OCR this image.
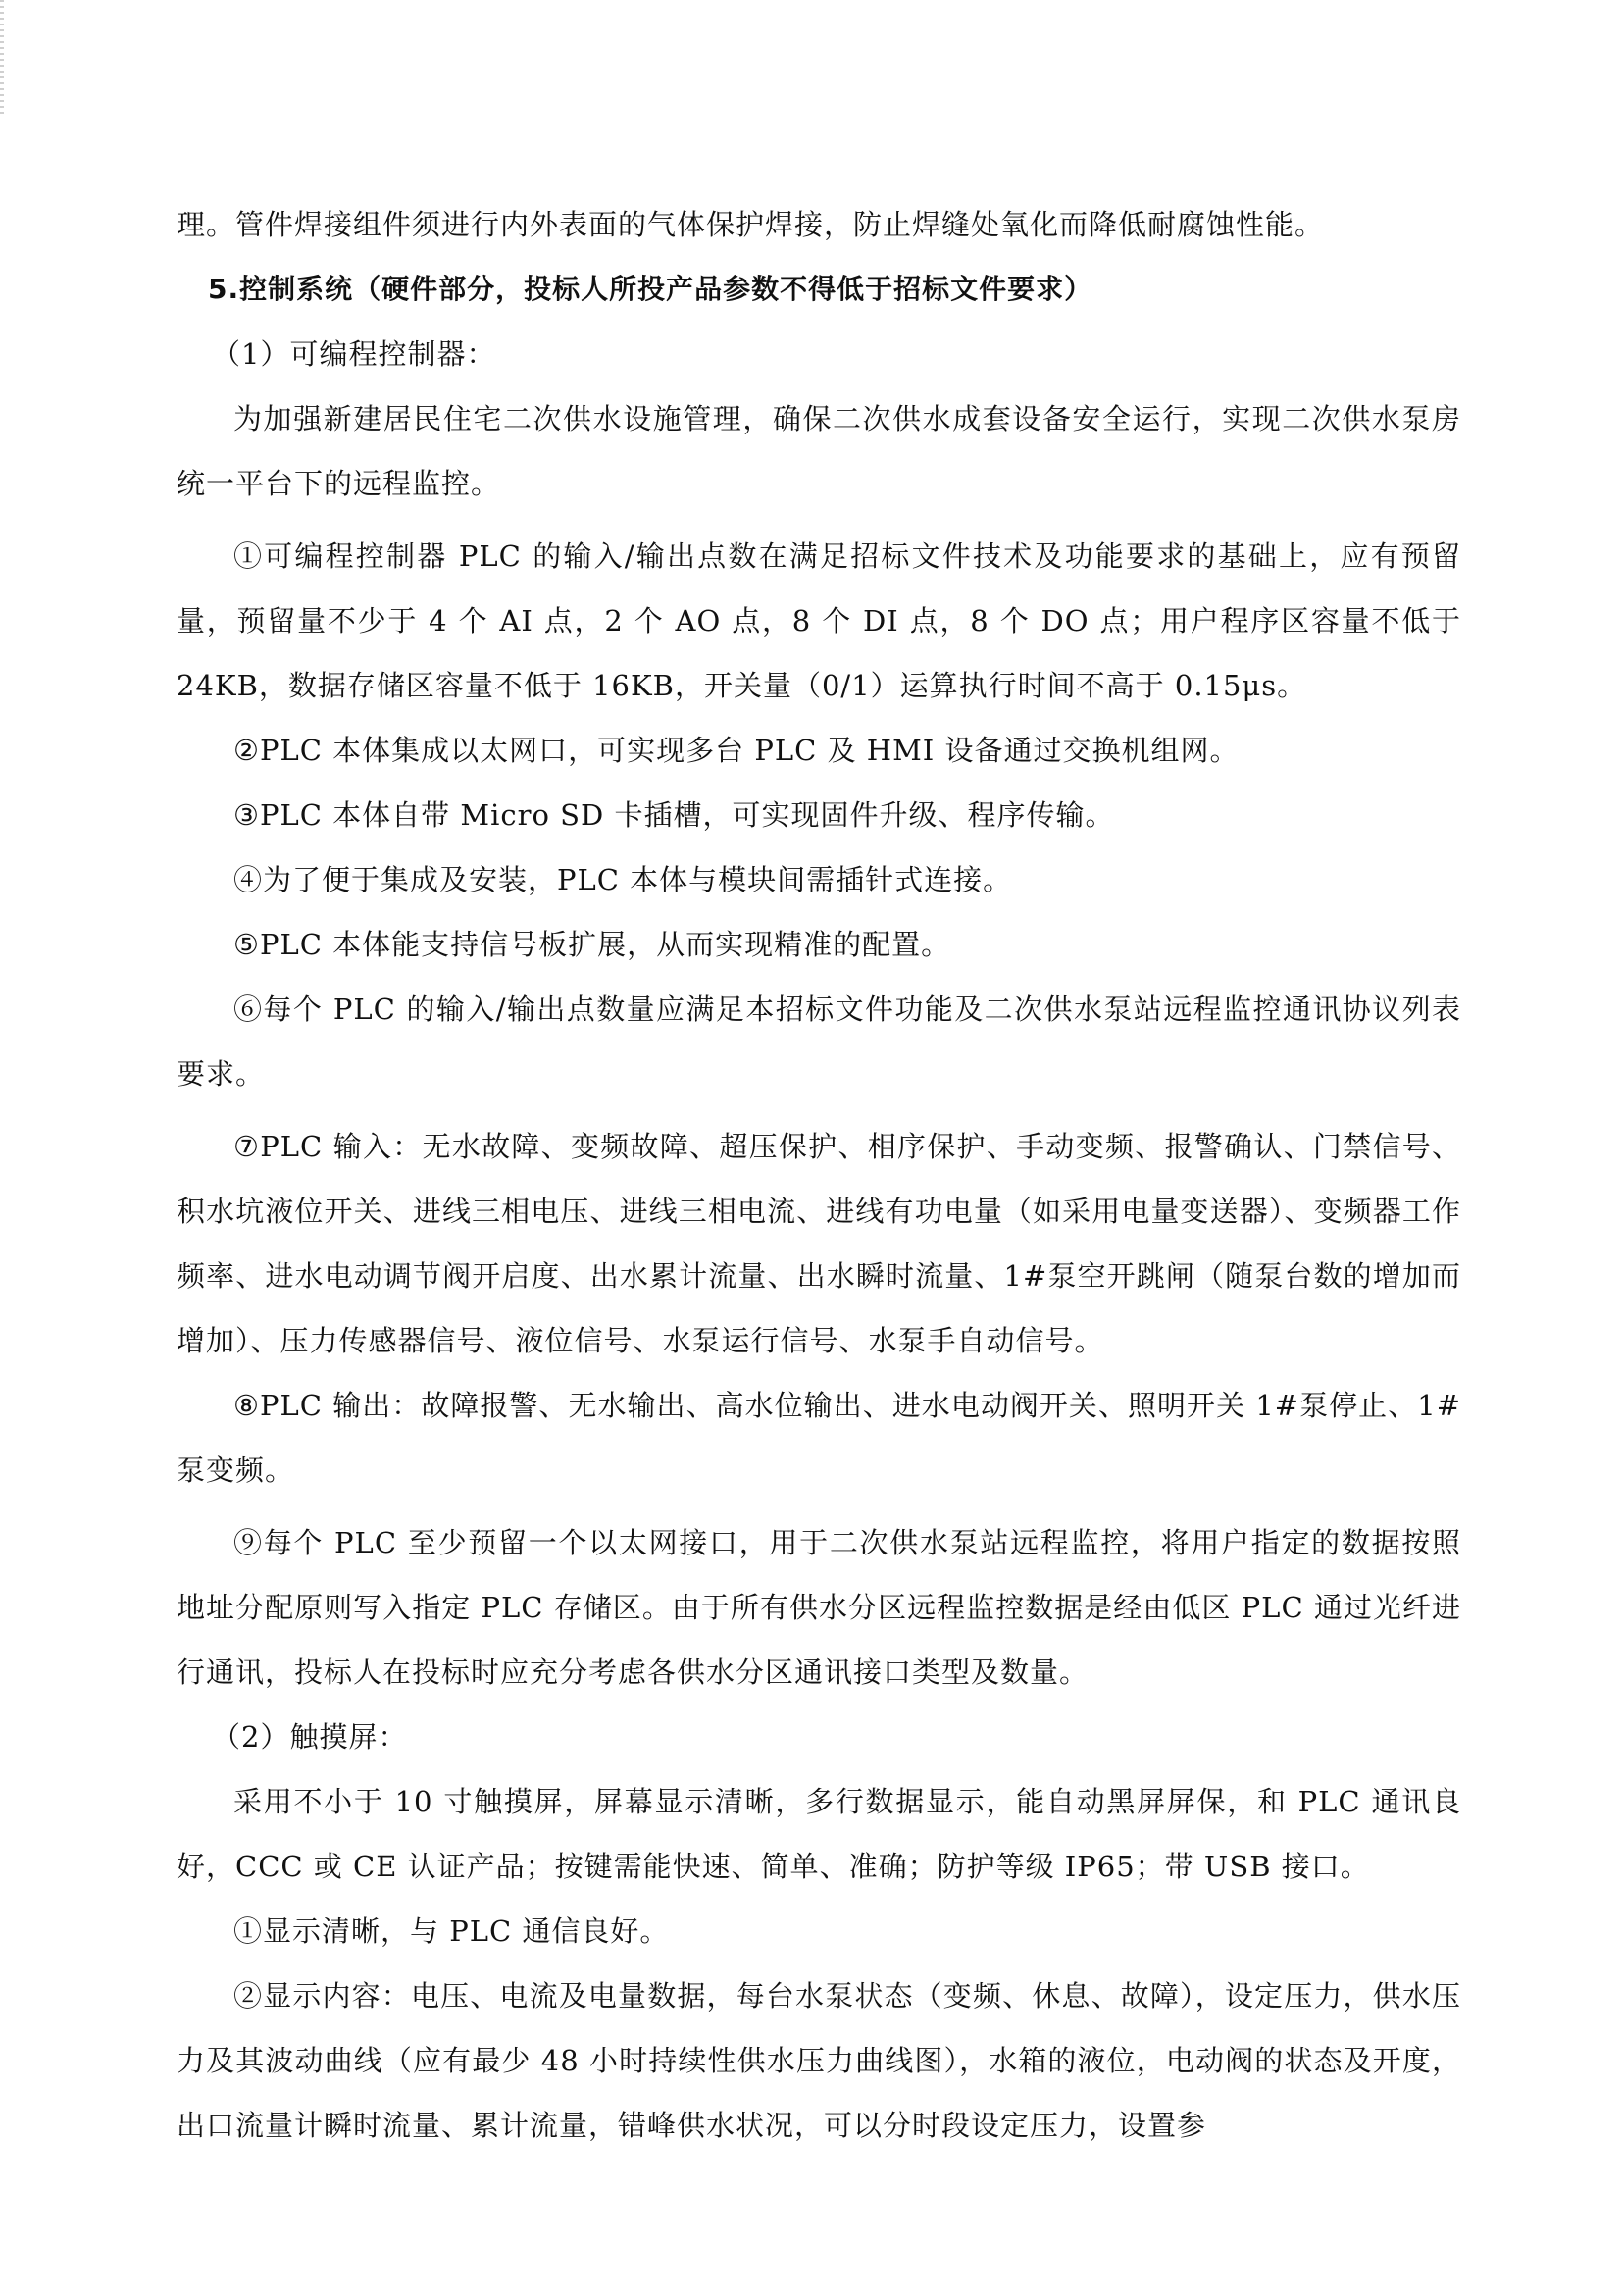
理。管件焊接组件须进行内外表面的气体保护焊接，防止焊缝处氧化而降低耐腐蚀性能。

5.控制系统（硬件部分，投标人所投产品参数不得低于招标文件要求）

（1）可编程控制器：

为加强新建居民住宅二次供水设施管理，确保二次供水成套设备安全运行，实现二次供水泵房统一平台下的远程监控。

①可编程控制器 PLC 的输入/输出点数在满足招标文件技术及功能要求的基础上，应有预留量，预留量不少于 4 个 AI 点，2 个 AO 点，8 个 DI 点，8 个 DO 点；用户程序区容量不低于 24KB，数据存储区容量不低于 16KB，开关量（0/1）运算执行时间不高于 0.15μs。

②PLC 本体集成以太网口，可实现多台 PLC 及 HMI 设备通过交换机组网。

③PLC 本体自带 Micro SD 卡插槽，可实现固件升级、程序传输。

④为了便于集成及安装，PLC 本体与模块间需插针式连接。

⑤PLC 本体能支持信号板扩展，从而实现精准的配置。

⑥每个 PLC 的输入/输出点数量应满足本招标文件功能及二次供水泵站远程监控通讯协议列表要求。

⑦PLC 输入：无水故障、变频故障、超压保护、相序保护、手动变频、报警确认、门禁信号、积水坑液位开关、进线三相电压、进线三相电流、进线有功电量（如采用电量变送器）、变频器工作频率、进水电动调节阀开启度、出水累计流量、出水瞬时流量、1#泵空开跳闸（随泵台数的增加而增加）、压力传感器信号、液位信号、水泵运行信号、水泵手自动信号。

⑧PLC 输出：故障报警、无水输出、高水位输出、进水电动阀开关、照明开关 1#泵停止、1#泵变频。

⑨每个 PLC 至少预留一个以太网接口，用于二次供水泵站远程监控，将用户指定的数据按照地址分配原则写入指定 PLC 存储区。由于所有供水分区远程监控数据是经由低区 PLC 通过光纤进行通讯，投标人在投标时应充分考虑各供水分区通讯接口类型及数量。

（2）触摸屏：

采用不小于 10 寸触摸屏，屏幕显示清晰，多行数据显示，能自动黑屏屏保，和 PLC 通讯良好，CCC 或 CE 认证产品；按键需能快速、简单、准确；防护等级 IP65；带 USB 接口。

①显示清晰，与 PLC 通信良好。

②显示内容：电压、电流及电量数据，每台水泵状态（变频、休息、故障），设定压力，供水压力及其波动曲线（应有最少 48 小时持续性供水压力曲线图），水箱的液位，电动阀的状态及开度，出口流量计瞬时流量、累计流量，错峰供水状况，可以分时段设定压力，设置参
